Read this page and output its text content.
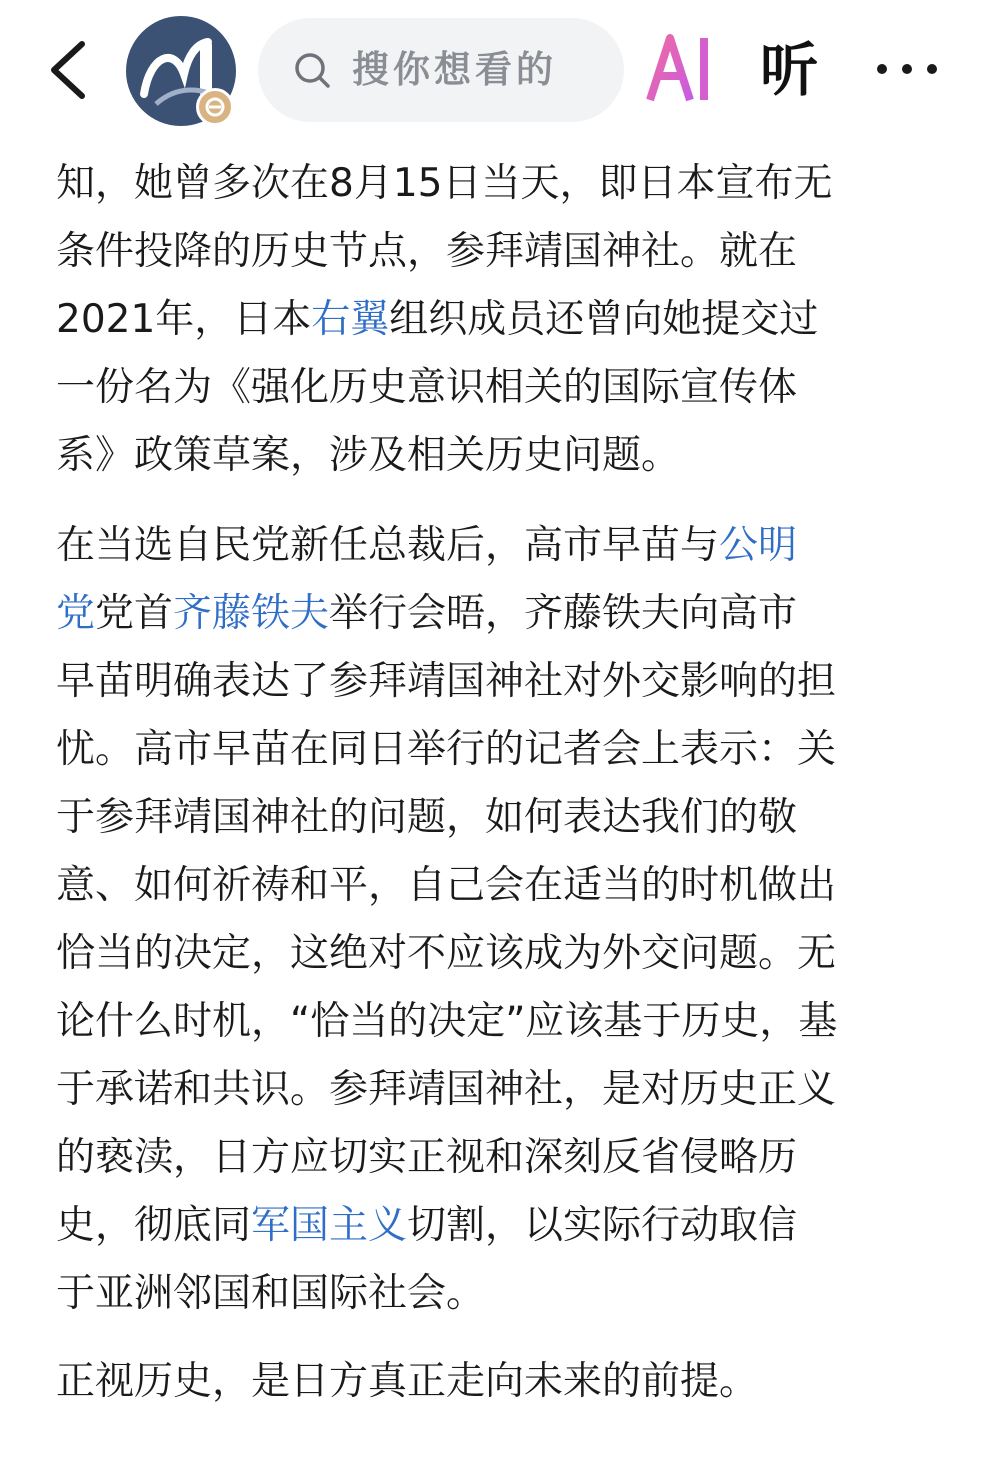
搜你想看的
AI
听

知，她曾多次在8月15日当天，即日本宣布无

条件投降的历史节点，参拜靖国神社。就在

2021年，日本右翼组织成员还曾向她提交过

一份名为《强化历史意识相关的国际宣传体

系》政策草案，涉及相关历史问题。

在当选自民党新任总裁后，高市早苗与公明

党党首齐藤铁夫举行会晤，齐藤铁夫向高市

早苗明确表达了参拜靖国神社对外交影响的担

忧。高市早苗在同日举行的记者会上表示：关

于参拜靖国神社的问题，如何表达我们的敬

意、如何祈祷和平，自己会在适当的时机做出

恰当的决定，这绝对不应该成为外交问题。无

论什么时机，“恰当的决定”应该基于历史，基

于承诺和共识。参拜靖国神社，是对历史正义

的亵渎，日方应切实正视和深刻反省侵略历

史，彻底同军国主义切割，以实际行动取信

于亚洲邻国和国际社会。

正视历史，是日方真正走向未来的前提。
